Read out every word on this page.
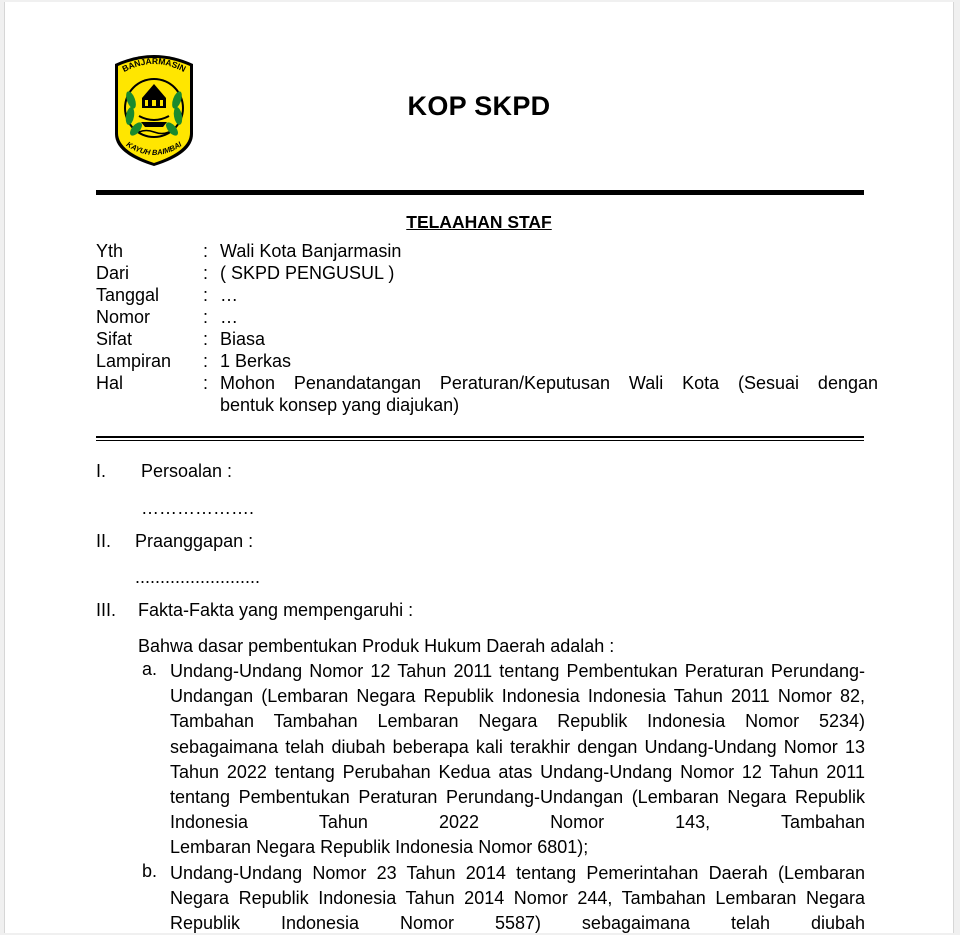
BANJARMASIN
KAYUH BAIMBAI
KOP SKPD
TELAAHAN STAF
Yth	: Wali Kota Banjarmasin
Dari	: ( SKPD PENGUSUL )
Tanggal : …
Nomor	: …
Sifat	: Biasa
Lampiran : 1 Berkas
Hal	: Mohon Penandatangan Peraturan/Keputusan Wali Kota (Sesuai dengan
bentuk konsep yang diajukan)
I. Persoalan :
……………….
II. Praanggapan :
.........................
III. Fakta-Fakta yang mempengaruhi :
Bahwa dasar pembentukan Produk Hukum Daerah adalah :
a. Undang-Undang Nomor 12 Tahun 2011 tentang Pembentukan Peraturan Perundang-Undangan (Lembaran Negara Republik Indonesia Indonesia Tahun 2011 Nomor 82, Tambahan Tambahan Lembaran Negara Republik Indonesia Nomor 5234) sebagaimana telah diubah beberapa kali terakhir dengan Undang-Undang Nomor 13 Tahun 2022 tentang Perubahan Kedua atas Undang-Undang Nomor 12 Tahun 2011 tentang Pembentukan Peraturan Perundang-Undangan (Lembaran Negara Republik Indonesia Tahun 2022 Nomor 143, Tambahan
Lembaran Negara Republik Indonesia Nomor 6801);
b. Undang-Undang Nomor 23 Tahun 2014 tentang Pemerintahan Daerah (Lembaran Negara Republik Indonesia Tahun 2014 Nomor 244, Tambahan Lembaran Negara Republik Indonesia Nomor 5587) sebagaimana telah diubah
